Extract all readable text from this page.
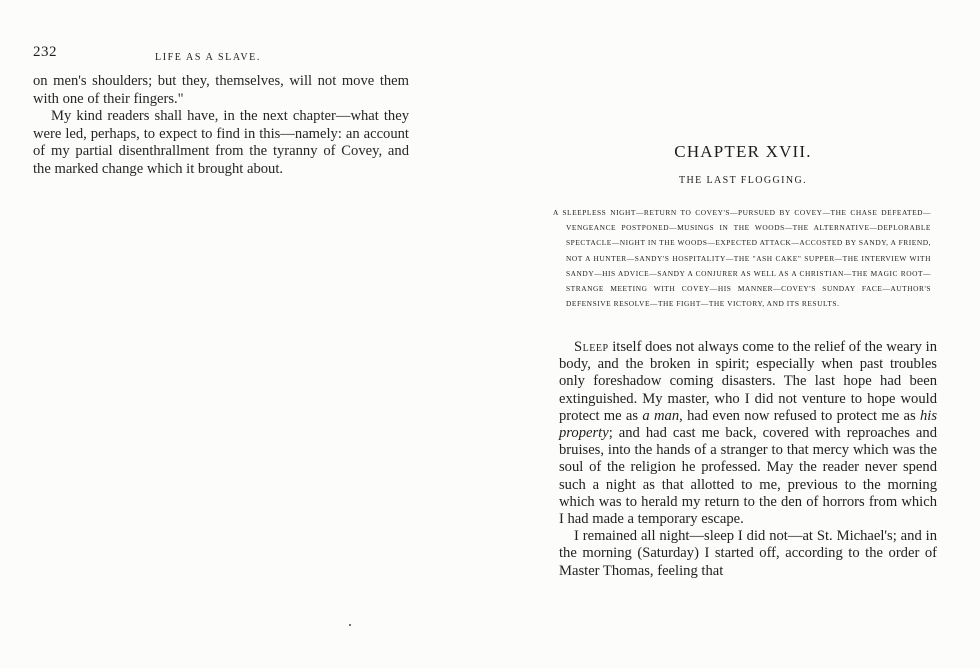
232	LIFE AS A SLAVE.

on men's shoulders; but they, themselves, will not move them with one of their fingers."

My kind readers shall have, in the next chapter—what they were led, perhaps, to expect to find in this—namely: an account of my partial disenthrallment from the tyranny of Covey, and the marked change which it brought about.

CHAPTER XVII.
THE LAST FLOGGING.
A SLEEPLESS NIGHT—RETURN TO COVEY'S—PURSUED BY COVEY—THE CHASE DEFEATED—VENGEANCE POSTPONED—MUSINGS IN THE WOODS—THE ALTERNATIVE—DEPLORABLE SPECTACLE—NIGHT IN THE WOODS—EXPECTED ATTACK—ACCOSTED BY SANDY, A FRIEND, NOT A HUNTER—SANDY'S HOSPITALITY—THE "ASH CAKE" SUPPER—THE INTERVIEW WITH SANDY—HIS ADVICE—SANDY A CONJURER AS WELL AS A CHRISTIAN—THE MAGIC ROOT—STRANGE MEETING WITH COVEY—HIS MANNER—COVEY'S SUNDAY FACE—AUTHOR'S DEFENSIVE RESOLVE—THE FIGHT—THE VICTORY, AND ITS RESULTS.

Sleep itself does not always come to the relief of the weary in body, and the broken in spirit; especially when past troubles only foreshadow coming disasters. The last hope had been extinguished. My master, who I did not venture to hope would protect me as a man, had even now refused to protect me as his property; and had cast me back, covered with reproaches and bruises, into the hands of a stranger to that mercy which was the soul of the religion he professed. May the reader never spend such a night as that allotted to me, previous to the morning which was to herald my return to the den of horrors from which I had made a temporary escape.

I remained all night—sleep I did not—at St. Michael's; and in the morning (Saturday) I started off, according to the order of Master Thomas, feeling that
